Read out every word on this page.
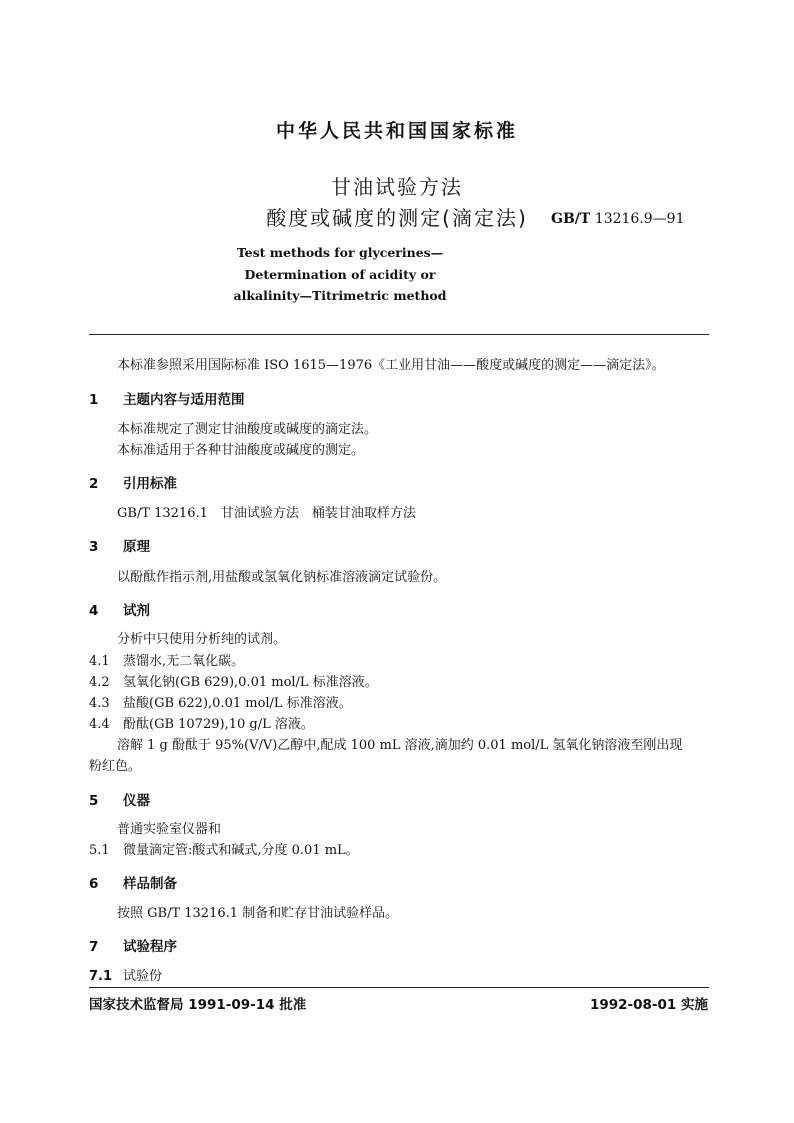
中华人民共和国国家标准
甘油试验方法
酸度或碱度的测定(滴定法)	GB/T 13216.9—91
Test methods for glycerines—
Determination of acidity or
alkalinity—Titrimetric method
本标准参照采用国际标准 ISO 1615—1976《工业用甘油——酸度或碱度的测定——滴定法》。
1 主题内容与适用范围
本标准规定了测定甘油酸度或碱度的滴定法。
本标准适用于各种甘油酸度或碱度的测定。
2 引用标准
GB/T 13216.1　甘油试验方法　桶装甘油取样方法
3 原理
以酚酞作指示剂,用盐酸或氢氧化钠标准溶液滴定试验份。
4 试剂
分析中只使用分析纯的试剂。
4.1 蒸馏水,无二氧化碳。
4.2 氢氧化钠(GB 629),0.01 mol/L 标准溶液。
4.3 盐酸(GB 622),0.01 mol/L 标准溶液。
4.4 酚酞(GB 10729),10 g/L 溶液。
溶解 1 g 酚酞于 95%(V/V)乙醇中,配成 100 mL 溶液,滴加约 0.01 mol/L 氢氧化钠溶液至刚出现
粉红色。
5 仪器
普通实验室仪器和
5.1 微量滴定管:酸式和碱式,分度 0.01 mL。
6 样品制备
按照 GB/T 13216.1 制备和贮存甘油试验样品。
7 试验程序
7.1 试验份
国家技术监督局 1991-09-14 批准	1992-08-01 实施
